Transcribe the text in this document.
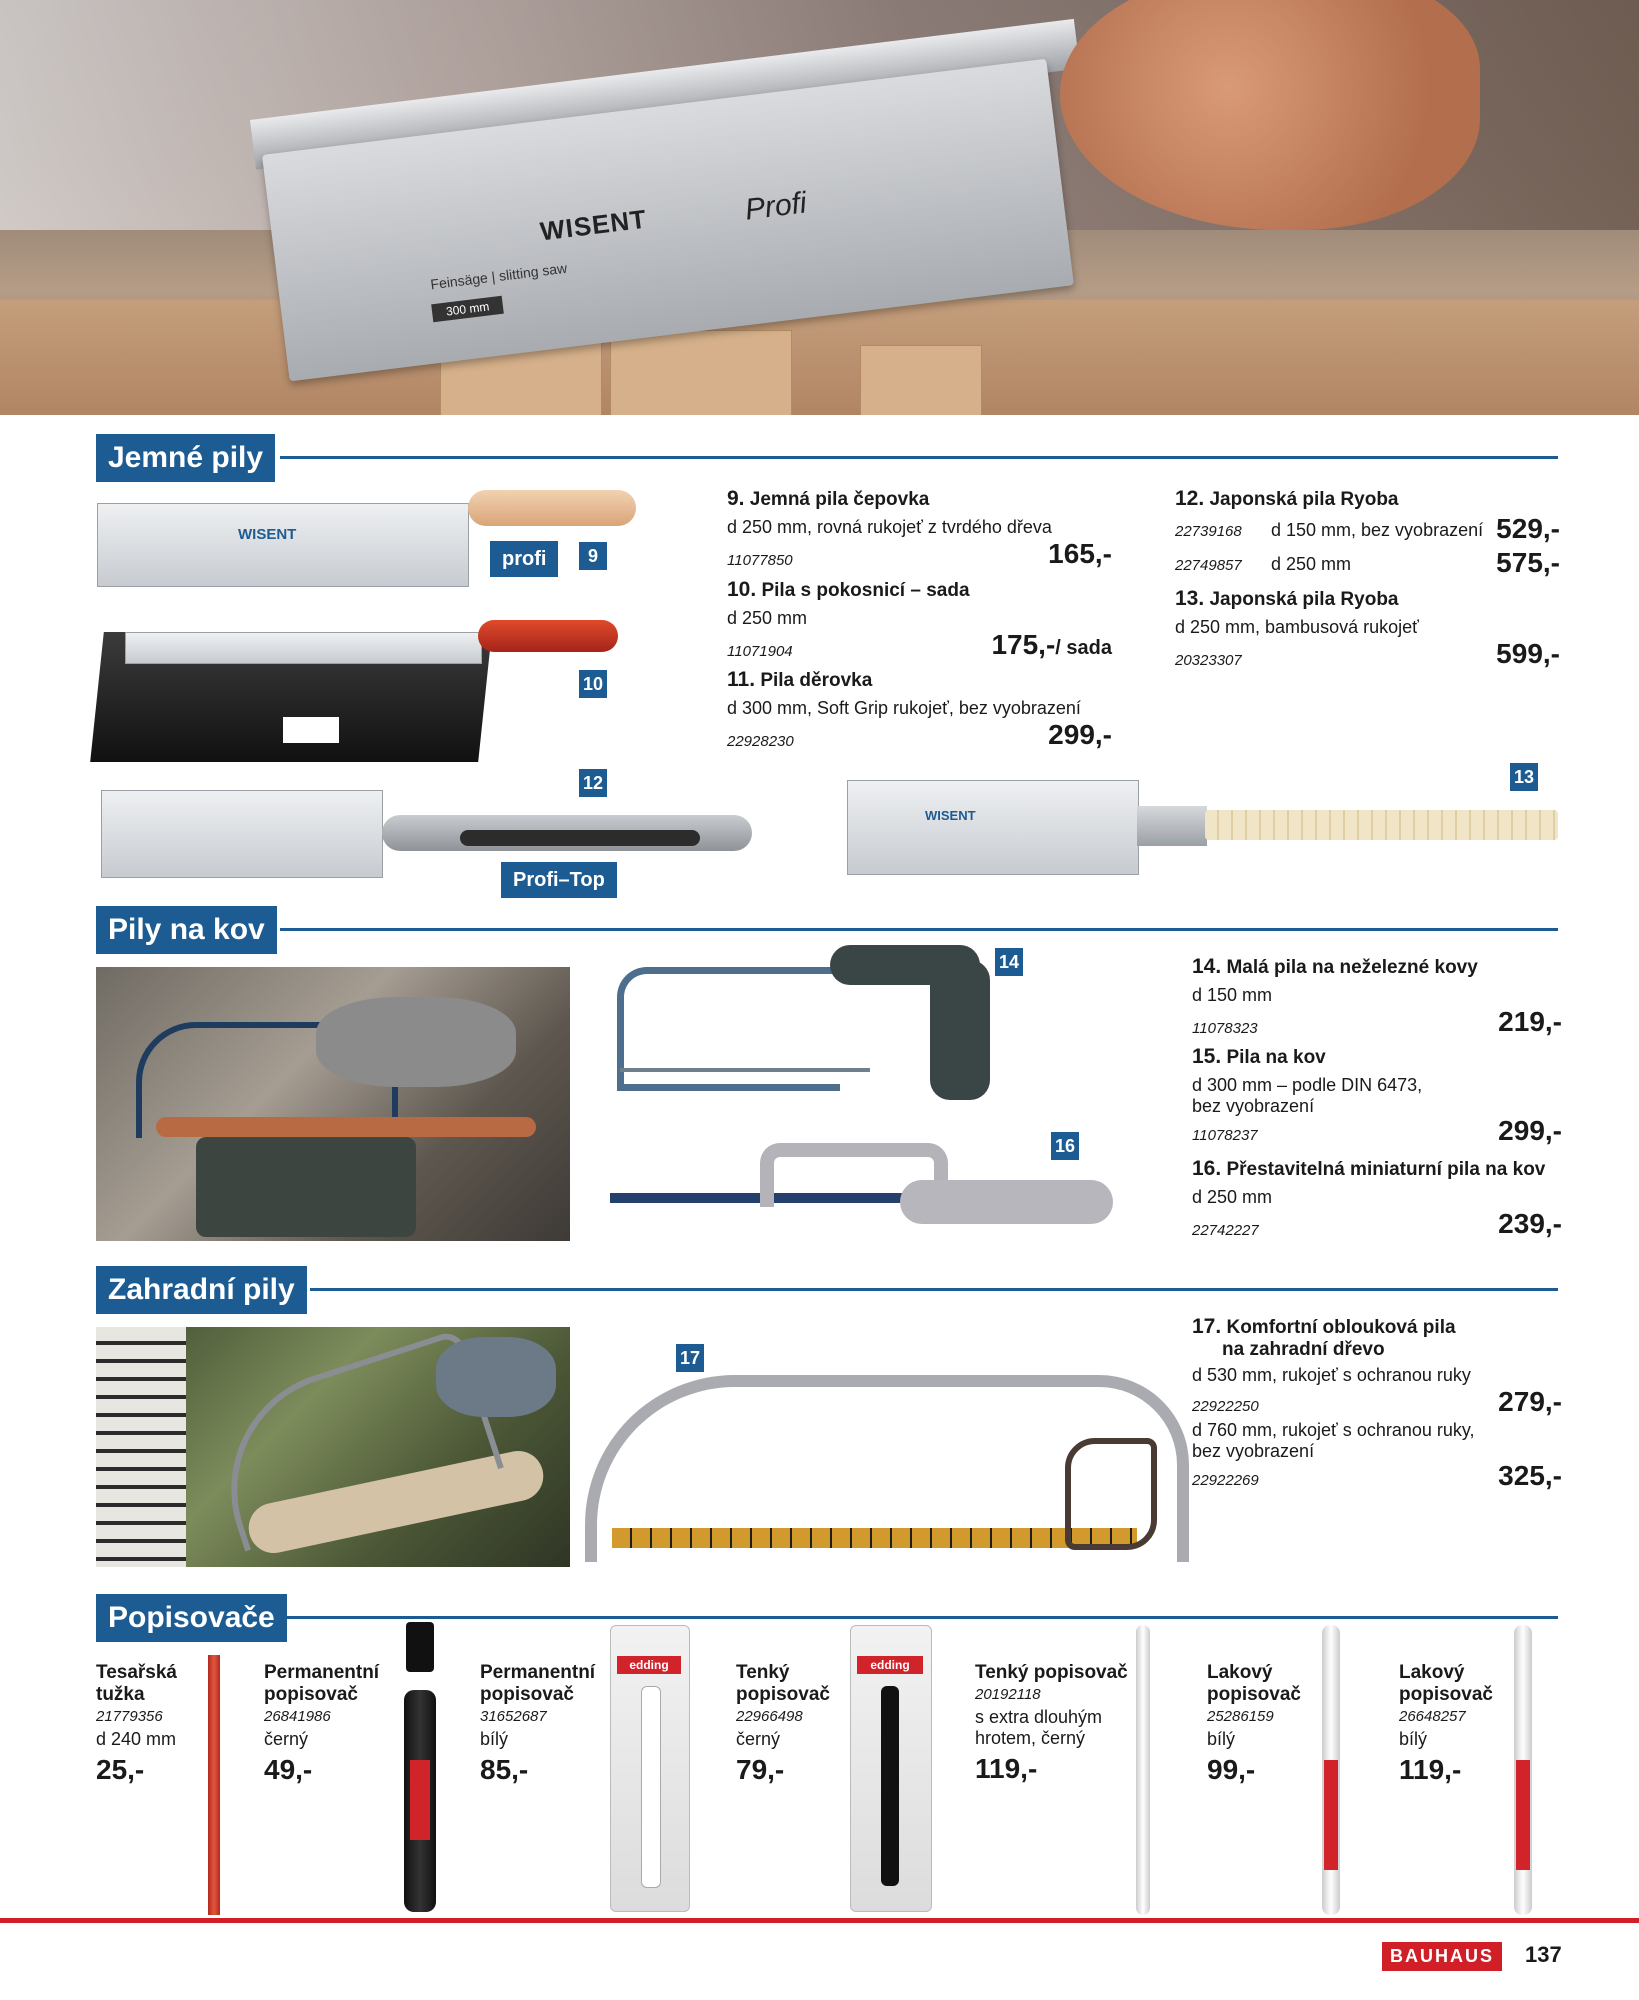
WISENT	Profi
Feinsäge | slitting saw
300 mm
Jemné pily
WISENT
profi	9
10
12
Profi–Top
13
WISENT
9. Jemná pila čepovka
d 250 mm, rovná rukojeť z tvrdého dřeva
11077850	165,-
10. Pila s pokosnicí – sada
d 250 mm
11071904	175,-/ sada
11. Pila děrovka
d 300 mm, Soft Grip rukojeť, bez vyobrazení
22928230	299,-
12. Japonská pila Ryoba
22739168 d 150 mm, bez vyobrazení 529,-
22749857 d 250 mm	575,-
13. Japonská pila Ryoba
d 250 mm, bambusová rukojeť
20323307	599,-
Pily na kov
14
16
14. Malá pila na neželezné kovy
d 150 mm
11078323	219,-
15. Pila na kov
d 300 mm – podle DIN 6473,
bez vyobrazení
11078237	299,-
16. Přestavitelná miniaturní pila na kov
d 250 mm
22742227	239,-
Zahradní pily
17
17. Komfortní oblouková pila
na zahradní dřevo
d 530 mm, rukojeť s ochranou ruky
22922250	279,-
d 760 mm, rukojeť s ochranou ruky,
bez vyobrazení
22922269	325,-
Popisovače
Tesařská
tužka
21779356
d 240 mm
25,-
Permanentní
popisovač
26841986
černý
49,-
Permanentní
popisovač
31652687
bílý
85,-
Tenký
popisovač
22966498
černý
79,-
Tenký popisovač
20192118
s extra dlouhým
hrotem, černý
119,-
Lakový
popisovač
25286159
bílý
99,-
Lakový
popisovač
26648257
bílý
119,-
edding	edding
BAUHAUS	137
